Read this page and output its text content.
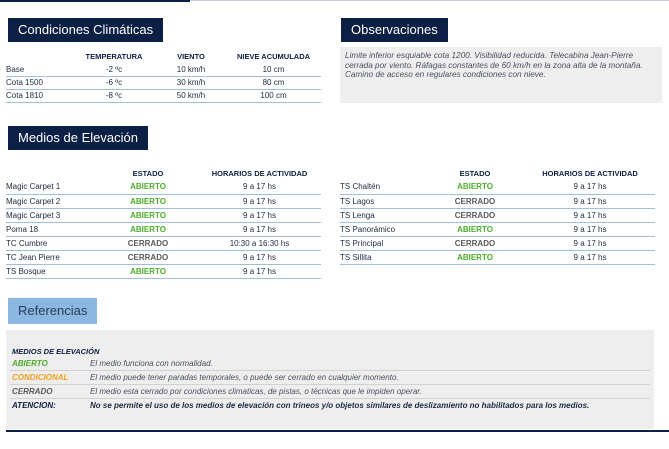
Condiciones Climáticas
	TEMPERATURA	VIENTO	NIEVE ACUMULADA
Base	-2 ºc	10 km/h	10 cm
Cota 1500	-6 ºc	30 km/h	80 cm
Cota 1810	-8 ºc	50 km/h	100 cm
Observaciones
Limite inferior esquiable cota 1200. Visibilidad reducida. Telecabina Jean-Pierre cerrada por viento. Ráfagas constantes de 60 km/h en la zona alta de la montaña. Camino de acceso en regulares condiciones con nieve.
Medios de Elevación
	ESTADO	HORARIOS DE ACTIVIDAD
Magic Carpet 1	ABIERTO	9 a 17 hs
Magic Carpet 2	ABIERTO	9 a 17 hs
Magic Carpet 3	ABIERTO	9 a 17 hs
Poma 18	ABIERTO	9 a 17 hs
TC Cumbre	CERRADO	10:30 a 16:30 hs
TC Jean Pierre	CERRADO	9 a 17 hs
TS Bosque	ABIERTO	9 a 17 hs
	ESTADO	HORARIOS DE ACTIVIDAD
TS Chaltén	ABIERTO	9 a 17 hs
TS Lagos	CERRADO	9 a 17 hs
TS Lenga	CERRADO	9 a 17 hs
TS Panorámico	ABIERTO	9 a 17 hs
TS Principal	CERRADO	9 a 17 hs
TS Sillita	ABIERTO	9 a 17 hs
MEDIOS DE ELEVACIÓN
ABIERTO	El medio funciona con normalidad.
CONDICIONAL	El medio puede tener paradas temporales, o puede ser cerrado en cualquier momento.
CERRADO	El medio esta cerrado por condiciones climaticas, de pistas, o técnicas que le impiden operar.
ATENCION:	No se permite el uso de los medios de elevación con trineos y/o objetos similares de deslizamiento no habilitados para los medios.
Referencias
